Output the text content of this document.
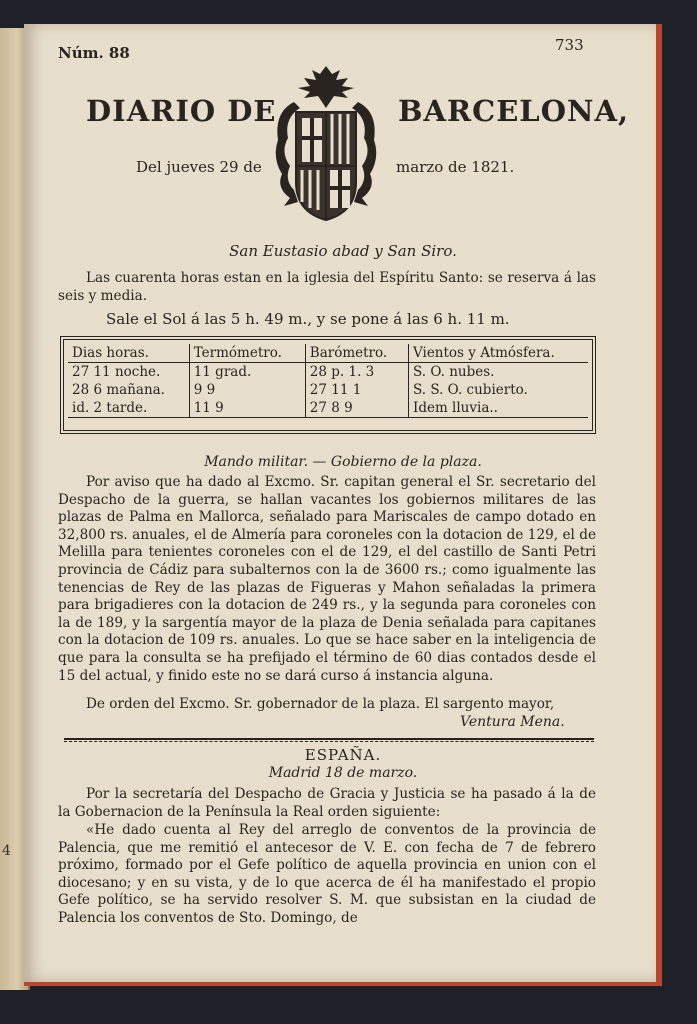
4
Núm. 88	733
DIARIO DE	BARCELONA,
Del jueves 29 de	marzo de 1821.
San Eustasio abad y San Siro.
Las cuarenta horas estan en la iglesia del Espíritu Santo: se reserva á las seis y media.
Sale el Sol á las 5 h. 49 m., y se pone á las 6 h. 11 m.
Dias horas.	Termómetro.	Barómetro.	Vientos y Atmósfera.
27 11 noche.	11 grad.	28 p. 1. 3	S. O. nubes.
28 6 mañana.	9 9	27 11 1	S. S. O. cubierto.
id. 2 tarde.	11 9	27 8 9	Idem lluvia..
Mando militar. — Gobierno de la plaza.
Por aviso que ha dado al Excmo. Sr. capitan general el Sr. secretario del Despacho de la guerra, se hallan vacantes los gobiernos militares de las plazas de Palma en Mallorca, señalado para Mariscales de campo dotado en 32,800 rs. anuales, el de Almería para coroneles con la dotacion de 129, el de Melilla para tenientes coroneles con el de 129, el del castillo de Santi Petri provincia de Cádiz para subalternos con la de 3600 rs.; como igualmente las tenencias de Rey de las plazas de Figueras y Mahon señaladas la primera para brigadieres con la dotacion de 249 rs., y la segunda para coroneles con la de 189, y la sargentía mayor de la plaza de Denia señalada para capitanes con la dotacion de 109 rs. anuales. Lo que se hace saber en la inteligencia de que para la consulta se ha prefijado el término de 60 dias contados desde el 15 del actual, y finido este no se dará curso á instancia alguna.
De orden del Excmo. Sr. gobernador de la plaza. El sargento mayor,
Ventura Mena.
ESPAÑA.
Madrid 18 de marzo.
Por la secretaría del Despacho de Gracia y Justicia se ha pasado á la de la Gobernacion de la Península la Real orden siguiente:
«He dado cuenta al Rey del arreglo de conventos de la provincia de Palencia, que me remitió el antecesor de V. E. con fecha de 7 de febrero próximo, formado por el Gefe político de aquella provincia en union con el diocesano; y en su vista, y de lo que acerca de él ha manifestado el propio Gefe político, se ha servido resolver S. M. que subsistan en la ciudad de Palencia los conventos de Sto. Domingo, de
